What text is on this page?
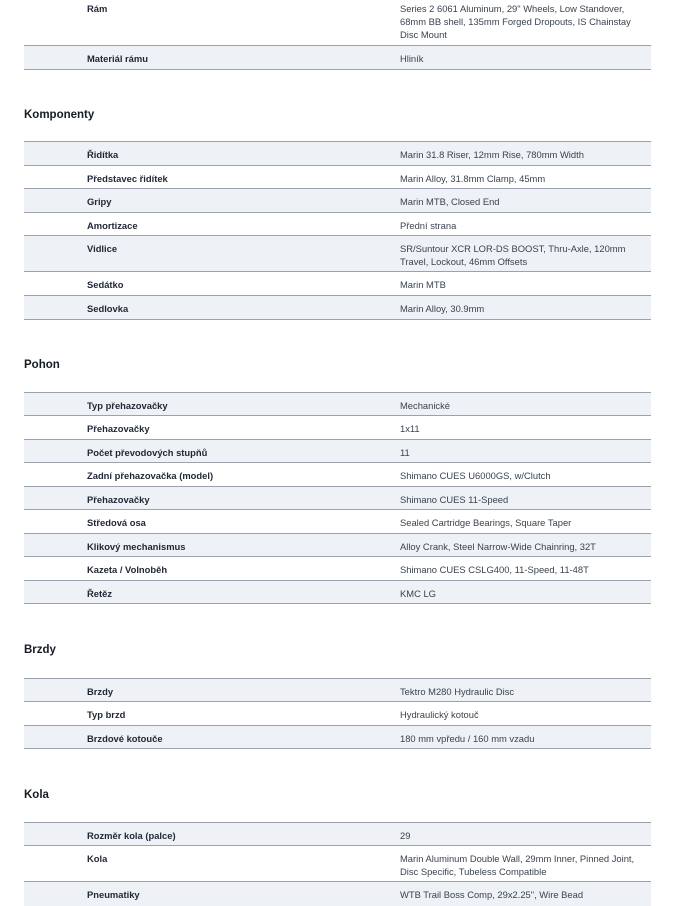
Rám	Series 2 6061 Aluminum, 29" Wheels, Low Standover, 68mm BB shell, 135mm Forged Dropouts, IS Chainstay Disc Mount
Materiál rámu	Hliník
Komponenty
Řidítka	Marin 31.8 Riser, 12mm Rise, 780mm Width
Představec řidítek	Marin Alloy, 31.8mm Clamp, 45mm
Gripy	Marin MTB, Closed End
Amortizace	Přední strana
Vidlice	SR/Suntour XCR LOR-DS BOOST, Thru-Axle, 120mm Travel, Lockout, 46mm Offsets
Sedátko	Marin MTB
Sedlovka	Marin Alloy, 30.9mm
Pohon
Typ přehazovačky	Mechanické
Přehazovačky	1x11
Počet převodových stupňů	11
Zadní přehazovačka (model)	Shimano CUES U6000GS, w/Clutch
Přehazovačky	Shimano CUES 11-Speed
Středová osa	Sealed Cartridge Bearings, Square Taper
Klikový mechanismus	Alloy Crank, Steel Narrow-Wide Chainring, 32T
Kazeta / Volnoběh	Shimano CUES CSLG400, 11-Speed, 11-48T
Řetěz	KMC LG
Brzdy
Brzdy	Tektro M280 Hydraulic Disc
Typ brzd	Hydraulický kotouč
Brzdové kotouče	180 mm vpředu / 160 mm vzadu
Kola
Rozměr kola (palce)	29
Kola	Marin Aluminum Double Wall, 29mm Inner, Pinned Joint, Disc Specific, Tubeless Compatible
Pneumatiky	WTB Trail Boss Comp, 29x2.25", Wire Bead
